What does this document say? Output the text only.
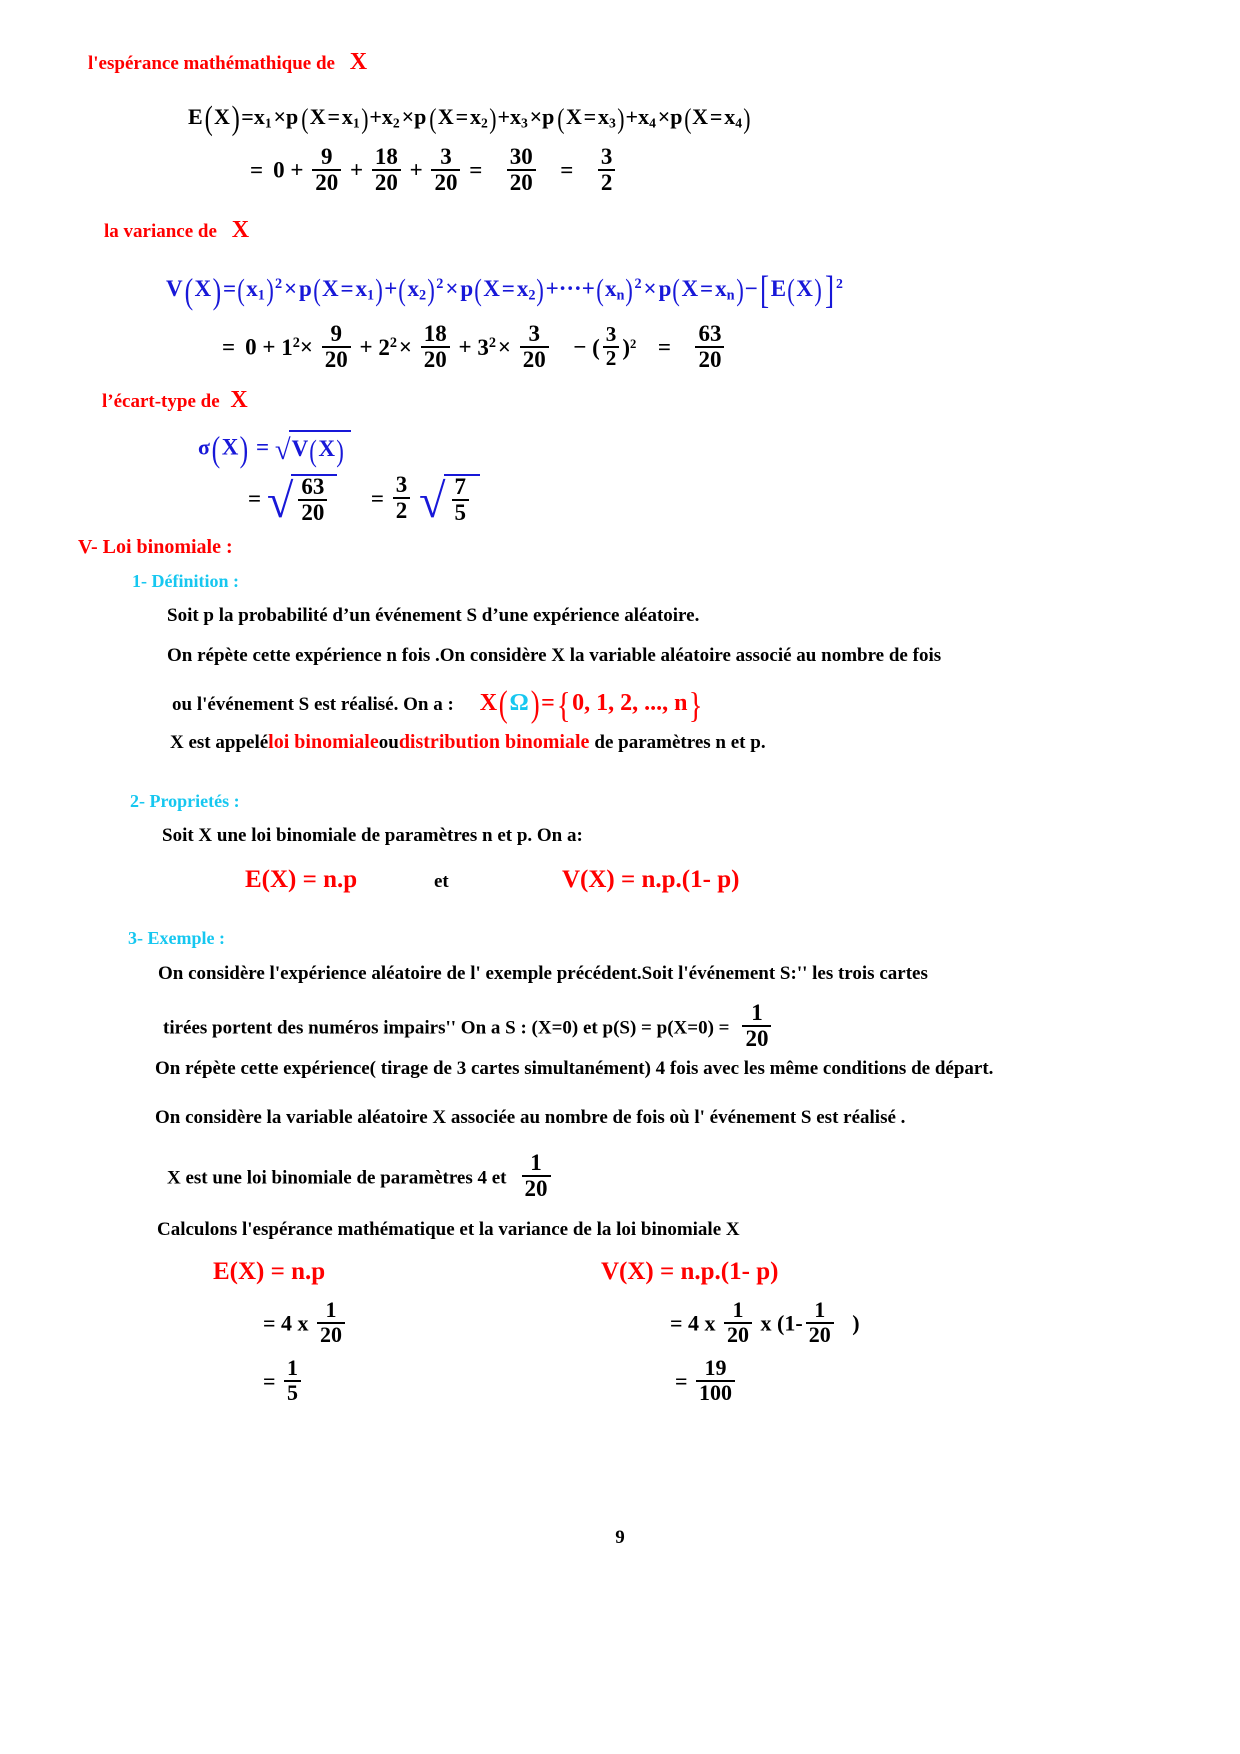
l'espérance mathémathique de X
$E(X)=x_1$ ×p (X = $x_1)+x_2$ ×p (X = $x_2)+x_3$ ×p (X = $x_3)+x_4$ ×p(X = $x_4$)
= $0 + \frac{9}{20} + \frac{18}{20} + \frac{3}{20} = \frac{30}{20} = \frac{3}{2}$
la variance de X
$V(X)=(x_1)^2$ × p(X = $x_1)+(x_2)^2$ × p(X = $x_2)+\cdot\cdot\cdot+(x_n)^2$ × p(X = $x_n)-[E(X)]$ $^2$
= $0 + 1^2\times \frac{9}{20} + 2^2$ × $\frac{18}{20} + 3^2$ × $\frac{3}{20}$ − ( $\frac{3}{2} )^2 = \frac{63}{20}$
l’écart-type de X
σ(X) = √V(X)
= √ $\frac{63}{20} = \frac{3}{2}$ √ $\frac{7}{5}$
V- Loi binomiale :
1- Définition :
Soit p la probabilité d’un événement S d’une expérience aléatoire.
On répète cette expérience n fois .On considère X la variable aléatoire associé au nombre de fois
ou l'événement S est réalisé. On a : X(Ω)={0, 1, 2, ..., n}
X est appeléloi binomialeoudistribution binomiale de paramètres n et p.
2- Proprietés :
Soit X une loi binomiale de paramètres n et p. On a:
E(X) = n.p	et	V(X) = n.p.(1- p)
3- Exemple :
On considère l'expérience aléatoire de l' exemple précédent.Soit l'événement S:'' les trois cartes
tirées portent des numéros impairs'' On a S : (X=0) et $p(S) = p(X=0) = \frac{1}{20}$
On répète cette expérience( tirage de 3 cartes simultanément) 4 fois avec les même conditions de départ.
On considère la variable aléatoire X associée au nombre de fois où l' événement S est réalisé .
X est une loi binomiale de paramètres 4 et $\frac{1}{20}$
Calculons l'espérance mathématique et la variance de la loi binomiale X
E(X) = n.p	V(X) = n.p.(1- p)
= 4 x $\frac{1}{20}$
= $\frac{1}{5}$
= 4 x $\frac{1}{20}$ x ($1- \frac{1}{20}$ )
= $\frac{19}{100}$
9
